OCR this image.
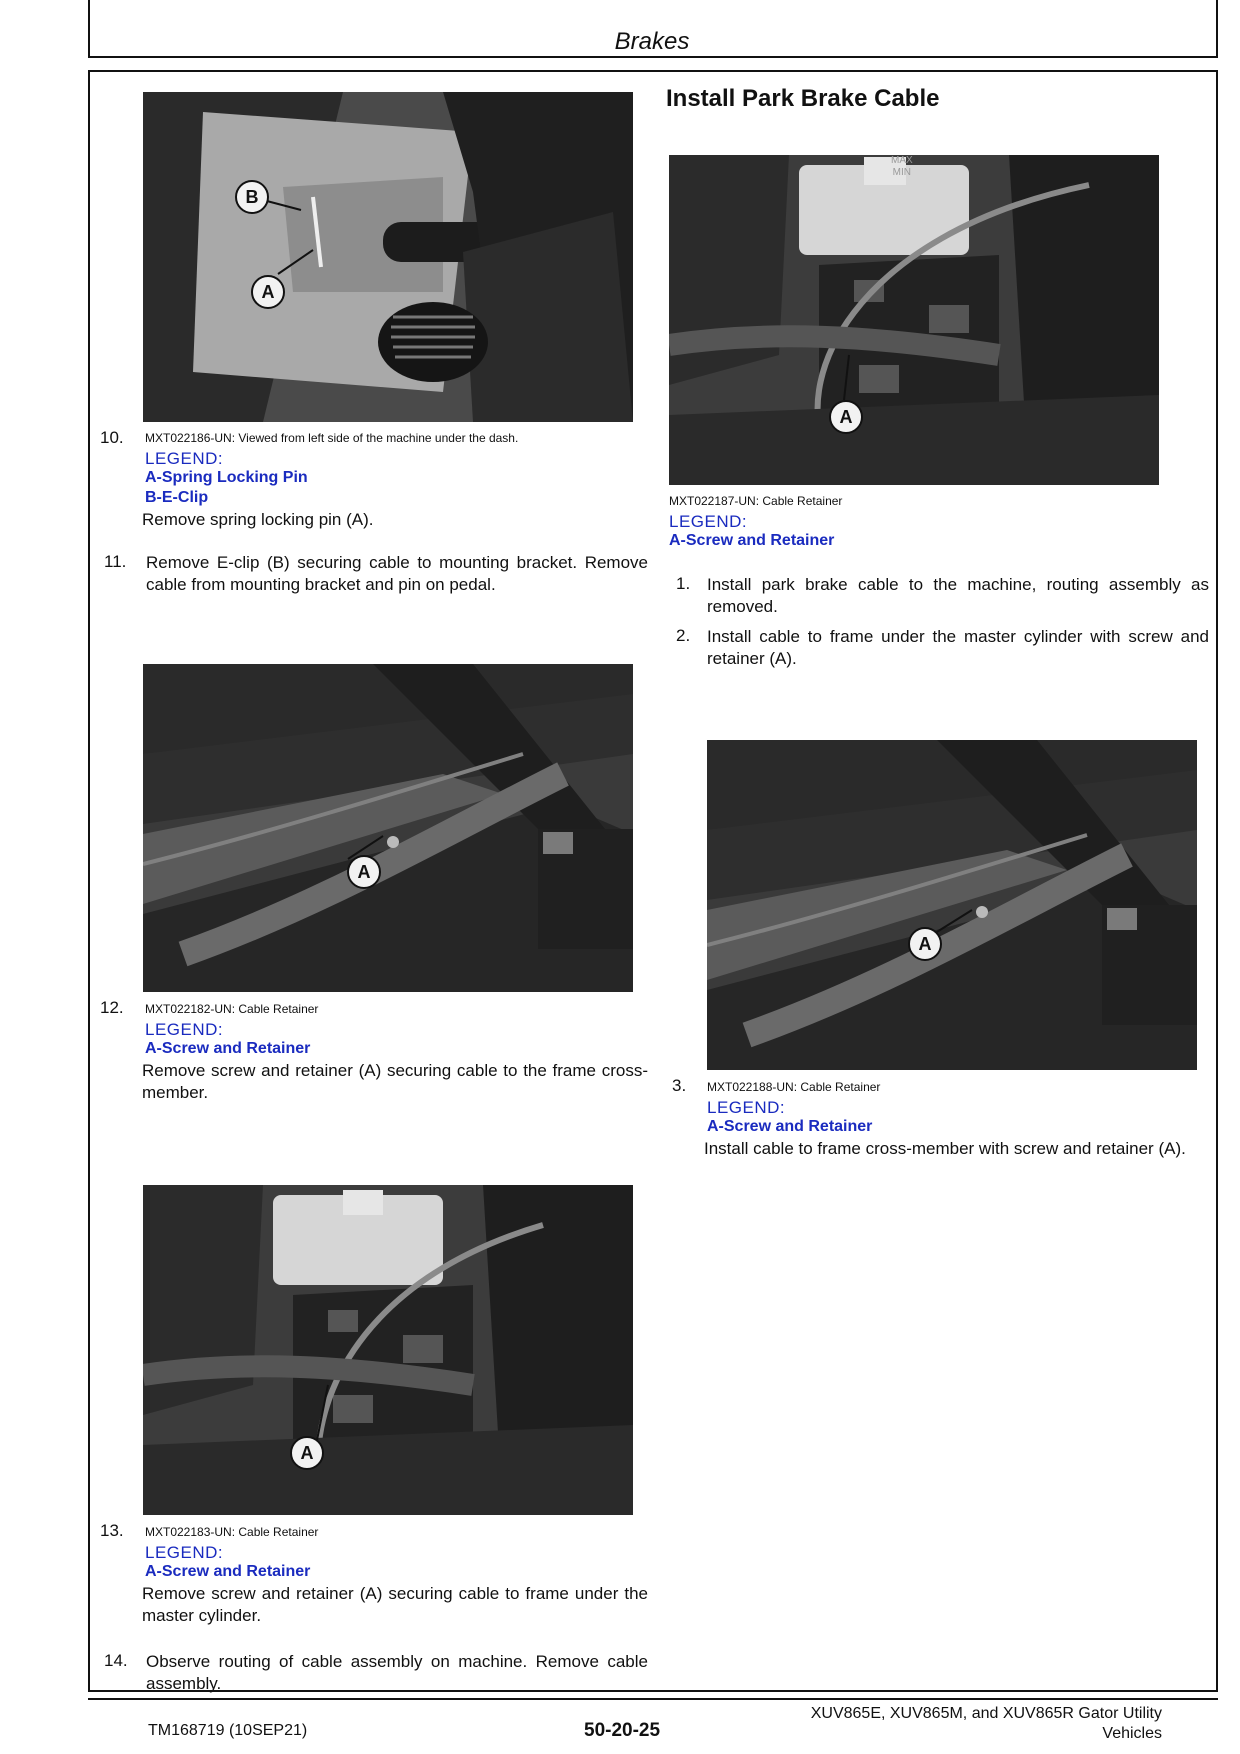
Brakes
B
A
10. MXT022186-UN: Viewed from left side of the machine under the dash.
LEGEND:
A-Spring Locking Pin
B-E-Clip
Remove spring locking pin (A).
11. Remove E-clip (B) securing cable to mounting bracket. Remove cable from mounting bracket and pin on pedal.
A
12. MXT022182-UN: Cable Retainer
LEGEND:
A-Screw and Retainer
Remove screw and retainer (A) securing cable to the frame cross-member.
A
13. MXT022183-UN: Cable Retainer
LEGEND:
A-Screw and Retainer
Remove screw and retainer (A) securing cable to frame under the master cylinder.
14. Observe routing of cable assembly on machine. Remove cable assembly.
Install Park Brake Cable
MAX
MIN
A
MXT022187-UN: Cable Retainer
LEGEND:
A-Screw and Retainer
1. Install park brake cable to the machine, routing assembly as removed.
2. Install cable to frame under the master cylinder with screw and retainer (A).
A
3. MXT022188-UN: Cable Retainer
LEGEND:
A-Screw and Retainer
Install cable to frame cross-member with screw and retainer (A).
TM168719 (10SEP21)	50-20-25
XUV865E, XUV865M, and XUV865R Gator Utility
Vehicles
